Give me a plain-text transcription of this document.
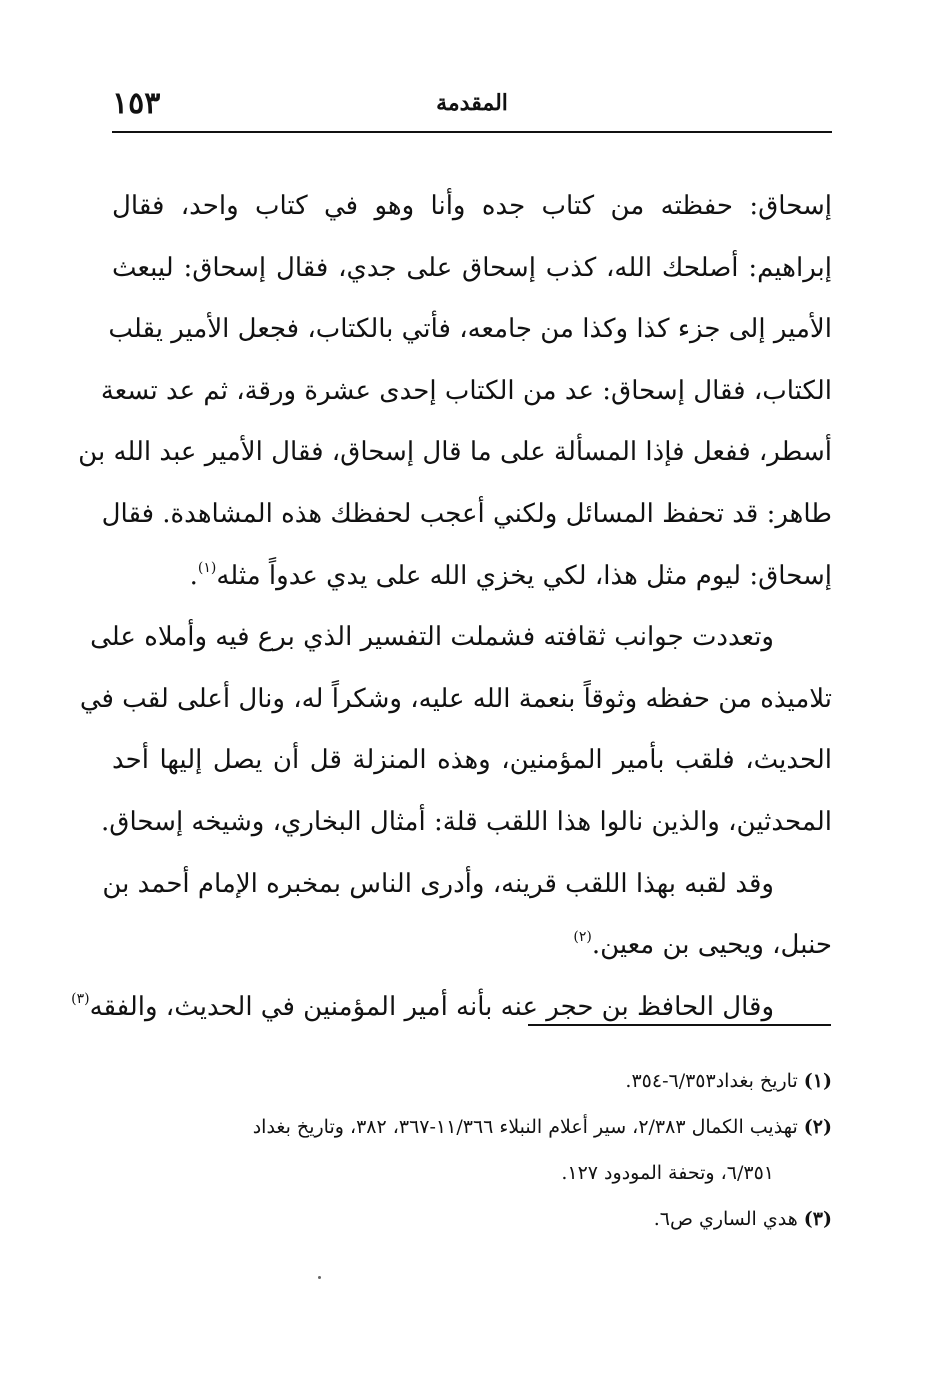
المقدمة
١٥٣
إسحاق: حفظته من كتاب جده وأنا وهو في كتاب واحد، فقال
إبراهيم: أصلحك الله، كذب إسحاق على جدي، فقال إسحاق: ليبعث
الأمير إلى جزء كذا وكذا من جامعه، فأتي بالكتاب، فجعل الأمير يقلب
الكتاب، فقال إسحاق: عد من الكتاب إحدى عشرة ورقة، ثم عد تسعة
أسطر، ففعل فإذا المسألة على ما قال إسحاق، فقال الأمير عبد الله بن
طاهر: قد تحفظ المسائل ولكني أعجب لحفظك هذه المشاهدة. فقال
إسحاق: ليوم مثل هذا، لكي يخزي الله على يدي عدواً مثله$^{(١)}$.
وتعددت جوانب ثقافته فشملت التفسير الذي برع فيه وأملاه على
تلاميذه من حفظه وثوقاً بنعمة الله عليه، وشكراً له، ونال أعلى لقب في
الحديث، فلقب بأمير المؤمنين، وهذه المنزلة قل أن يصل إليها أحد
المحدثين، والذين نالوا هذا اللقب قلة: أمثال البخاري، وشيخه إسحاق.
وقد لقبه بهذا اللقب قرينه، وأدرى الناس بمخبره الإمام أحمد بن
حنبل، ويحيى بن معين.$^{(٢)}$
وقال الحافظ بن حجر عنه بأنه أمير المؤمنين في الحديث، والفقه$^{(٣)}$
(١) تاريخ بغداد٦/٣٥٣-٣٥٤.
(٢) تهذيب الكمال ٢/٣٨٣، سير أعلام النبلاء ١١/٣٦٦-٣٦٧، ٣٨٢، وتاريخ بغداد
٦/٣٥١، وتحفة المودود ١٢٧.
(٣) هدي الساري ص٦.
